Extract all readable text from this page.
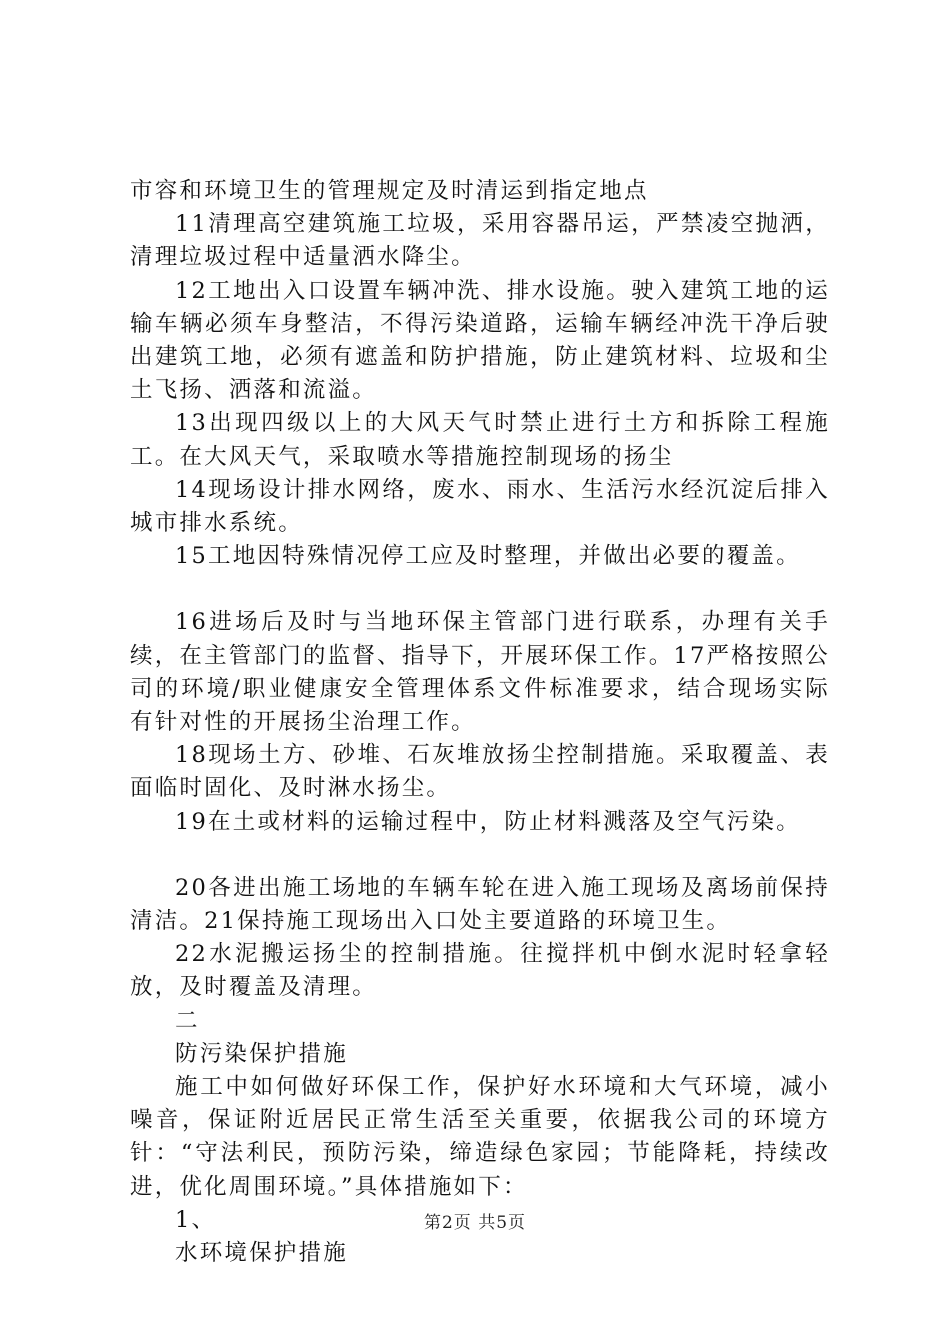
市容和环境卫生的管理规定及时清运到指定地点

11清理高空建筑施工垃圾，采用容器吊运，严禁凌空抛洒，清理垃圾过程中适量洒水降尘。

12工地出入口设置车辆冲洗、排水设施。驶入建筑工地的运输车辆必须车身整洁，不得污染道路，运输车辆经冲洗干净后驶出建筑工地，必须有遮盖和防护措施，防止建筑材料、垃圾和尘土飞扬、洒落和流溢。

13出现四级以上的大风天气时禁止进行土方和拆除工程施工。在大风天气，采取喷水等措施控制现场的扬尘

14现场设计排水网络，废水、雨水、生活污水经沉淀后排入城市排水系统。

15工地因特殊情况停工应及时整理，并做出必要的覆盖。

16进场后及时与当地环保主管部门进行联系，办理有关手续，在主管部门的监督、指导下，开展环保工作。17严格按照公司的环境/职业健康安全管理体系文件标准要求，结合现场实际有针对性的开展扬尘治理工作。

18现场土方、砂堆、石灰堆放扬尘控制措施。采取覆盖、表面临时固化、及时淋水扬尘。

19在土或材料的运输过程中，防止材料溅落及空气污染。

20各进出施工场地的车辆车轮在进入施工现场及离场前保持清洁。21保持施工现场出入口处主要道路的环境卫生。

22水泥搬运扬尘的控制措施。往搅拌机中倒水泥时轻拿轻放，及时覆盖及清理。

二

防污染保护措施

施工中如何做好环保工作，保护好水环境和大气环境，减小噪音，保证附近居民正常生活至关重要，依据我公司的环境方针：“守法利民，预防污染，缔造绿色家园；节能降耗，持续改进，优化周围环境。”具体措施如下：

1、

水环境保护措施

第2页 共5页
